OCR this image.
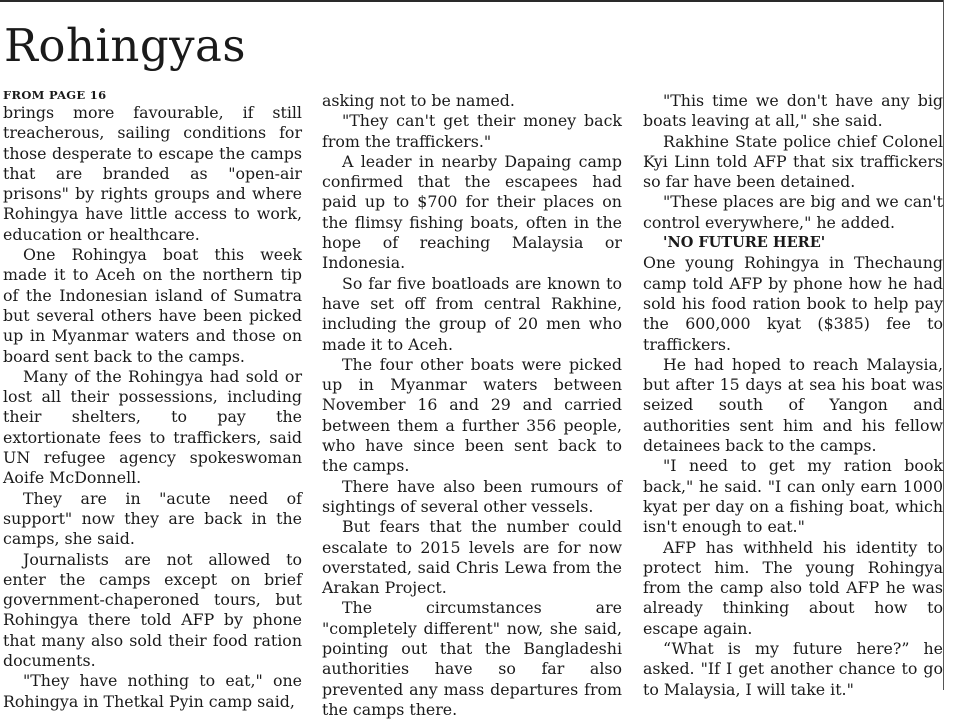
Rohingyas
FROM PAGE 16

brings more favourable, if still treacherous, sailing conditions for those desperate to escape the camps that are branded as "open-air prisons" by rights groups and where Rohingya have little access to work, education or healthcare.

One Rohingya boat this week made it to Aceh on the northern tip of the Indonesian island of Sumatra but several others have been picked up in Myanmar waters and those on board sent back to the camps.

Many of the Rohingya had sold or lost all their possessions, including their shelters, to pay the extortionate fees to traffickers, said UN refugee agency spokeswoman Aoife McDonnell.

They are in "acute need of support" now they are back in the camps, she said.

Journalists are not allowed to enter the camps except on brief government-chaperoned tours, but Rohingya there told AFP by phone that many also sold their food ration documents.

"They have nothing to eat," one Rohingya in Thetkal Pyin camp said,

asking not to be named.

"They can't get their money back from the traffickers."

A leader in nearby Dapaing camp confirmed that the escapees had paid up to $700 for their places on the flimsy fishing boats, often in the hope of reaching Malaysia or Indonesia.

So far five boatloads are known to have set off from central Rakhine, including the group of 20 men who made it to Aceh.

The four other boats were picked up in Myanmar waters between November 16 and 29 and carried between them a further 356 people, who have since been sent back to the camps.

There have also been rumours of sightings of several other vessels.

But fears that the number could escalate to 2015 levels are for now overstated, said Chris Lewa from the Arakan Project.

The circumstances are "completely different" now, she said, pointing out that the Bangladeshi authorities have so far also prevented any mass departures from the camps there.

"This time we don't have any big boats leaving at all," she said.

Rakhine State police chief Colonel Kyi Linn told AFP that six traffickers so far have been detained.

"These places are big and we can't control everywhere," he added.

'NO FUTURE HERE'

One young Rohingya in Thechaung camp told AFP by phone how he had sold his food ration book to help pay the 600,000 kyat ($385) fee to traffickers.

He had hoped to reach Malaysia, but after 15 days at sea his boat was seized south of Yangon and authorities sent him and his fellow detainees back to the camps.

"I need to get my ration book back," he said. "I can only earn 1000 kyat per day on a fishing boat, which isn't enough to eat."

AFP has withheld his identity to protect him. The young Rohingya from the camp also told AFP he was already thinking about how to escape again.

“What is my future here?” he asked. "If I get another chance to go to Malaysia, I will take it."
